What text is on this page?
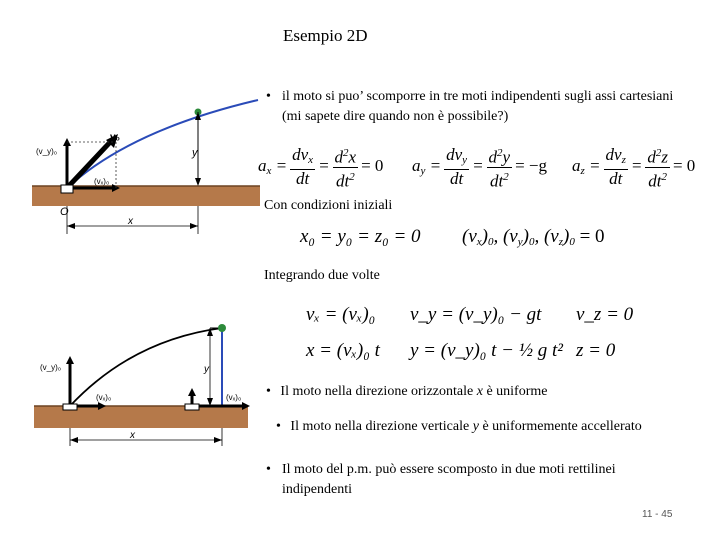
Esempio 2D
v₀
(v_y)₀
(vₓ)₀
y
x
O
(v_y)₀
(vₓ)₀	(vₓ)₀
y
x
• il moto si puo’ scomporre in tre moti indipendenti sugli assi cartesiani (mi sapete dire quando non è possibile?)
$a_x = \frac{dv_x}{dt} = \frac{d^2x}{dt^2} = 0$ $a_y = \frac{dv_y}{dt} = \frac{d^2y}{dt^2} = -g$ $a_z = \frac{dv_z}{dt} = \frac{d^2z}{dt^2} = 0$
Con condizioni iniziali
x₀ = y₀ = z₀ = 0 $(v_x)_0$, $(v_y)_0$, $(v_z)_0 = 0$
Integrando due volte
vₓ = (vₓ)₀ v_y = (v_y)₀ − gt v_z = 0
x = (vₓ)₀ t y = (v_y)₀ t − ½ g t² z = 0
• Il moto nella direzione orizzontale x è uniforme
• Il moto nella direzione verticale y è uniformemente accellerato
• Il moto del p.m. può essere scomposto in due moti rettilinei indipendenti
11 - 45
